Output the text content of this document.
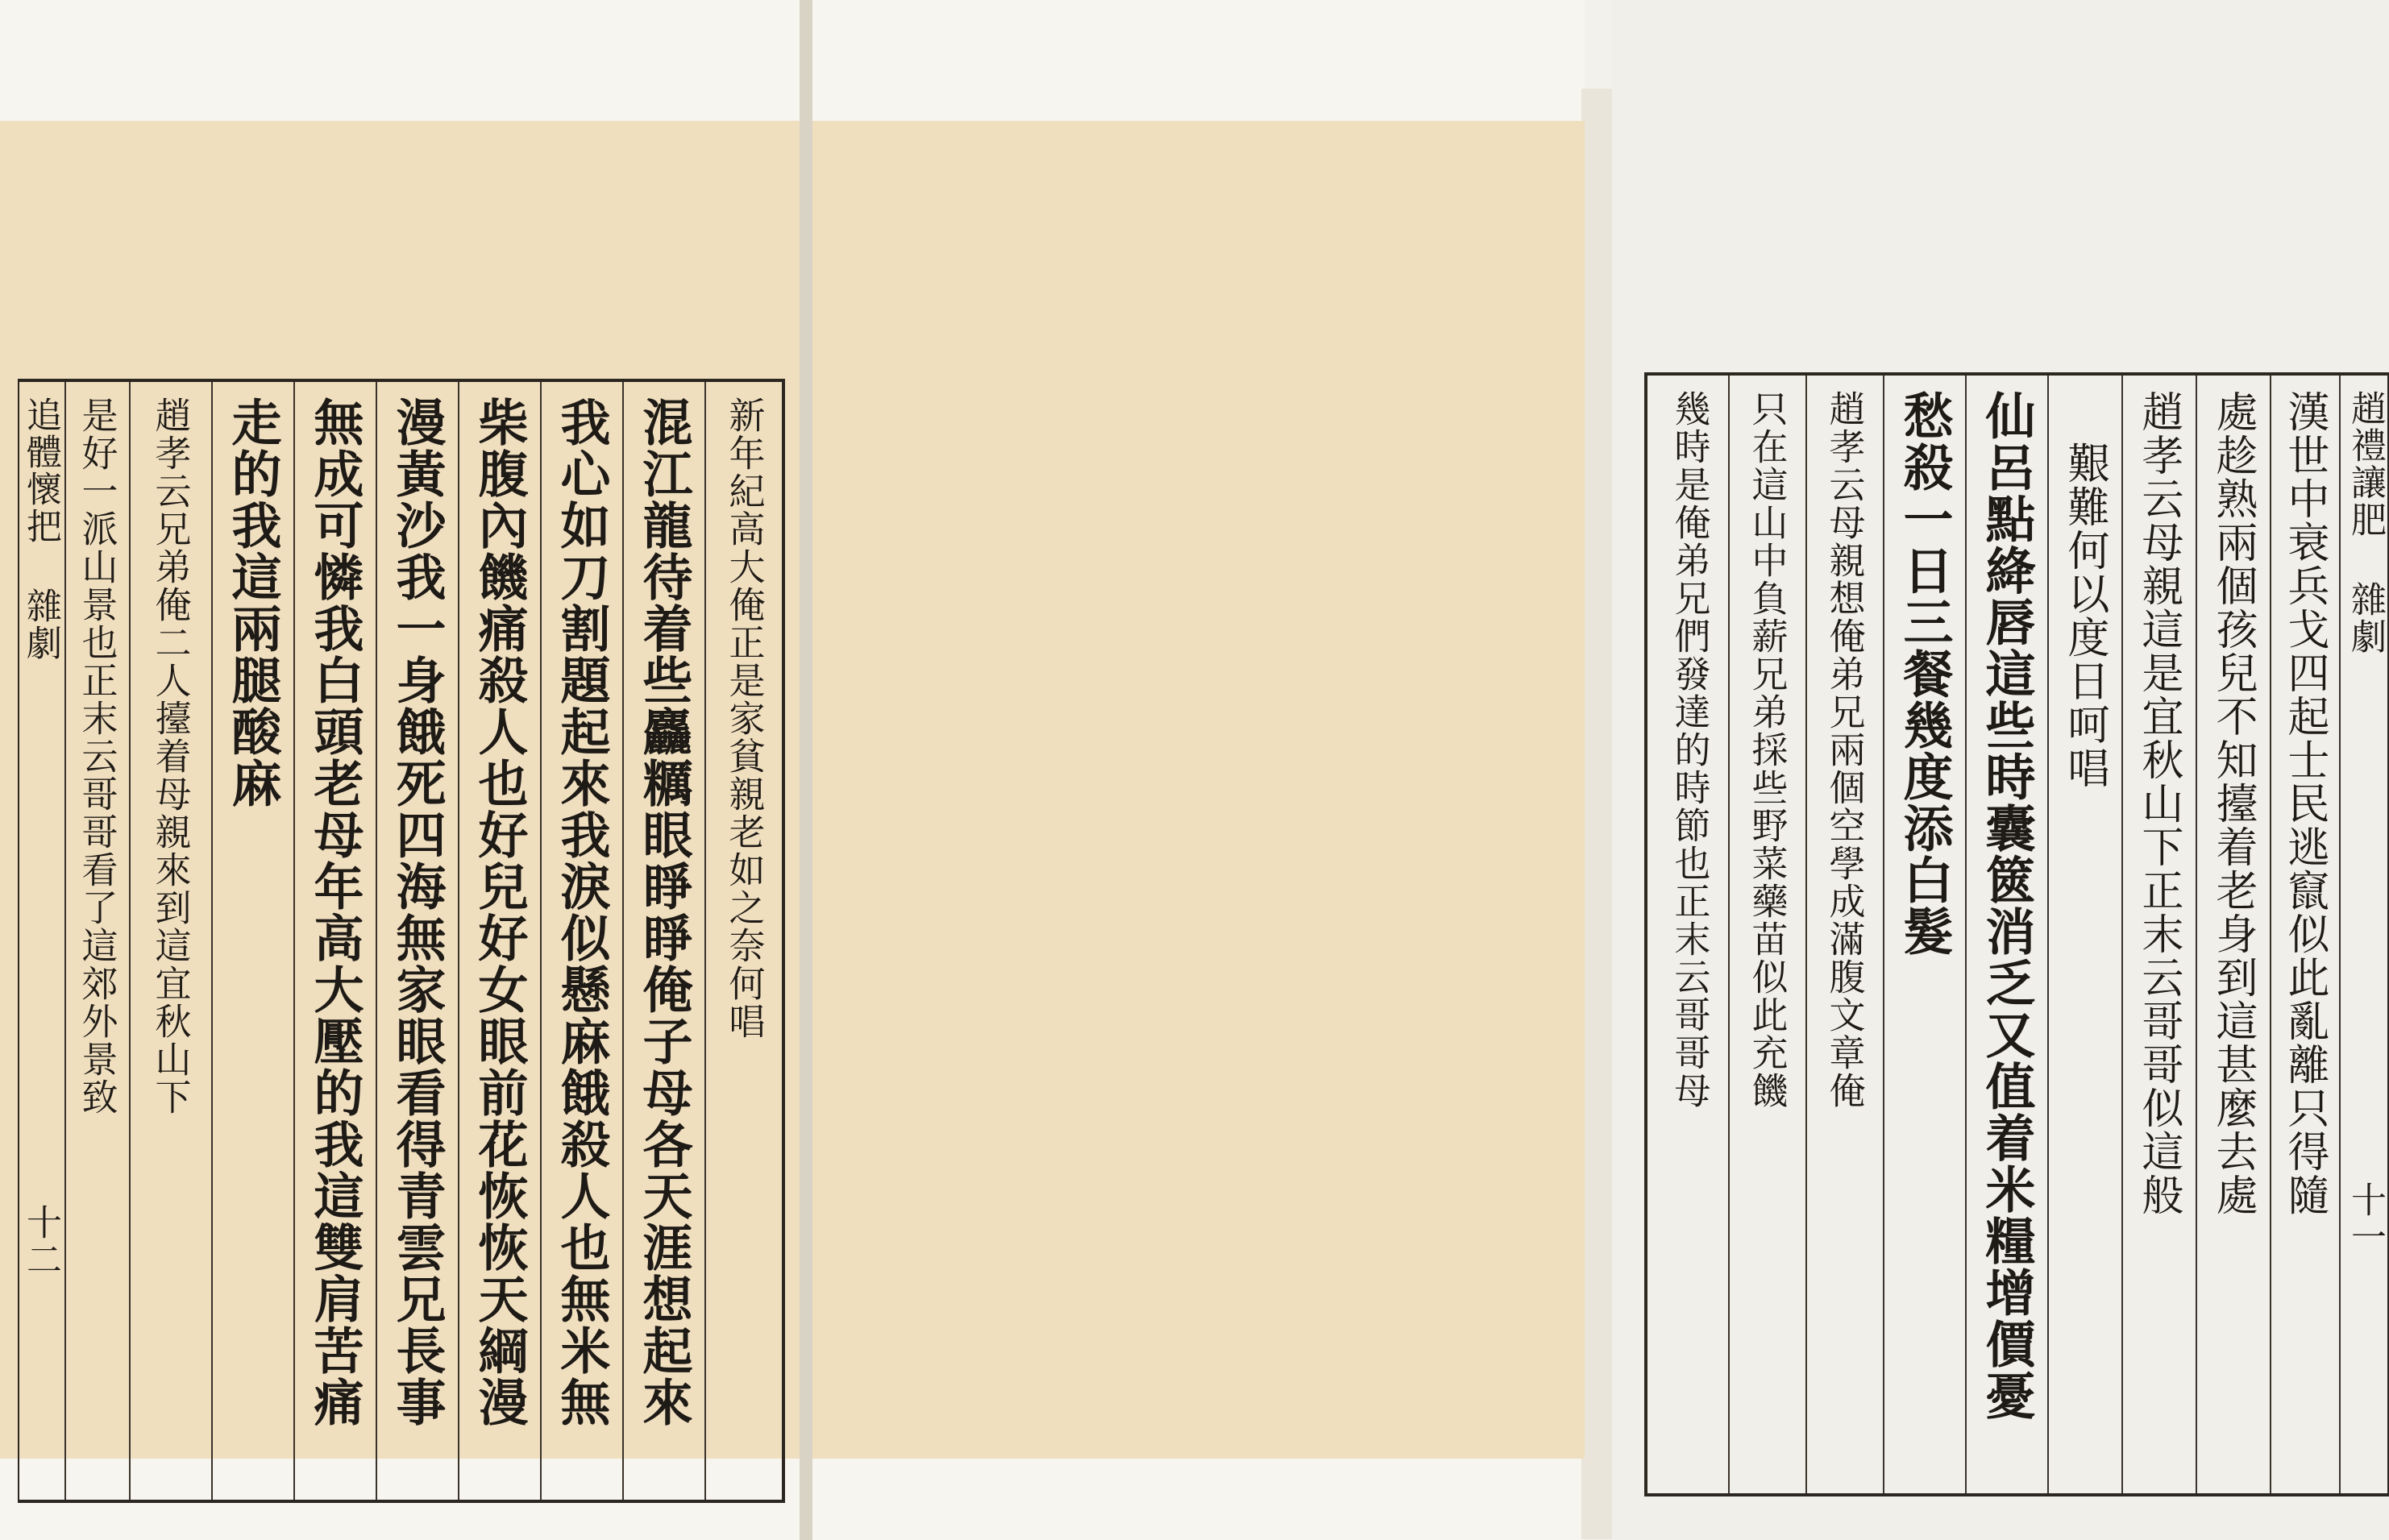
新年紀高大俺正是家貧親老如之奈何唱
混江龍待着些麤糲眼睜睜俺子母各天涯想起來
我心如刀割題起來我淚似懸麻餓殺人也無米無
柴腹內饑痛殺人也好兒好女眼前花恢恢天綱漫
漫黃沙我一身餓死四海無家眼看得青雲兄長事
無成可憐我白頭老母年高大壓的我這雙肩苦痛
走的我這兩腿酸麻
趙孝云兄弟俺二人擡着母親來到這宜秋山下
是好一派山景也正末云哥哥看了這郊外景致
追體懷把 雜劇
十二
趙禮讓肥 雜劇
十一
漢世中衰兵戈四起士民逃竄似此亂離只得隨
處趁熟兩個孩兒不知擡着老身到這甚麼去處
趙孝云母親這是宜秋山下正末云哥哥似這般
艱難何以度日呵唱
仙呂點絳唇這些時囊篋消乏又值着米糧增價憂
愁殺一日三餐幾度添白髮
趙孝云母親想俺弟兄兩個空學成滿腹文章俺
只在這山中負薪兄弟採些野菜藥苗似此充饑
幾時是俺弟兄們發達的時節也正末云哥哥母
